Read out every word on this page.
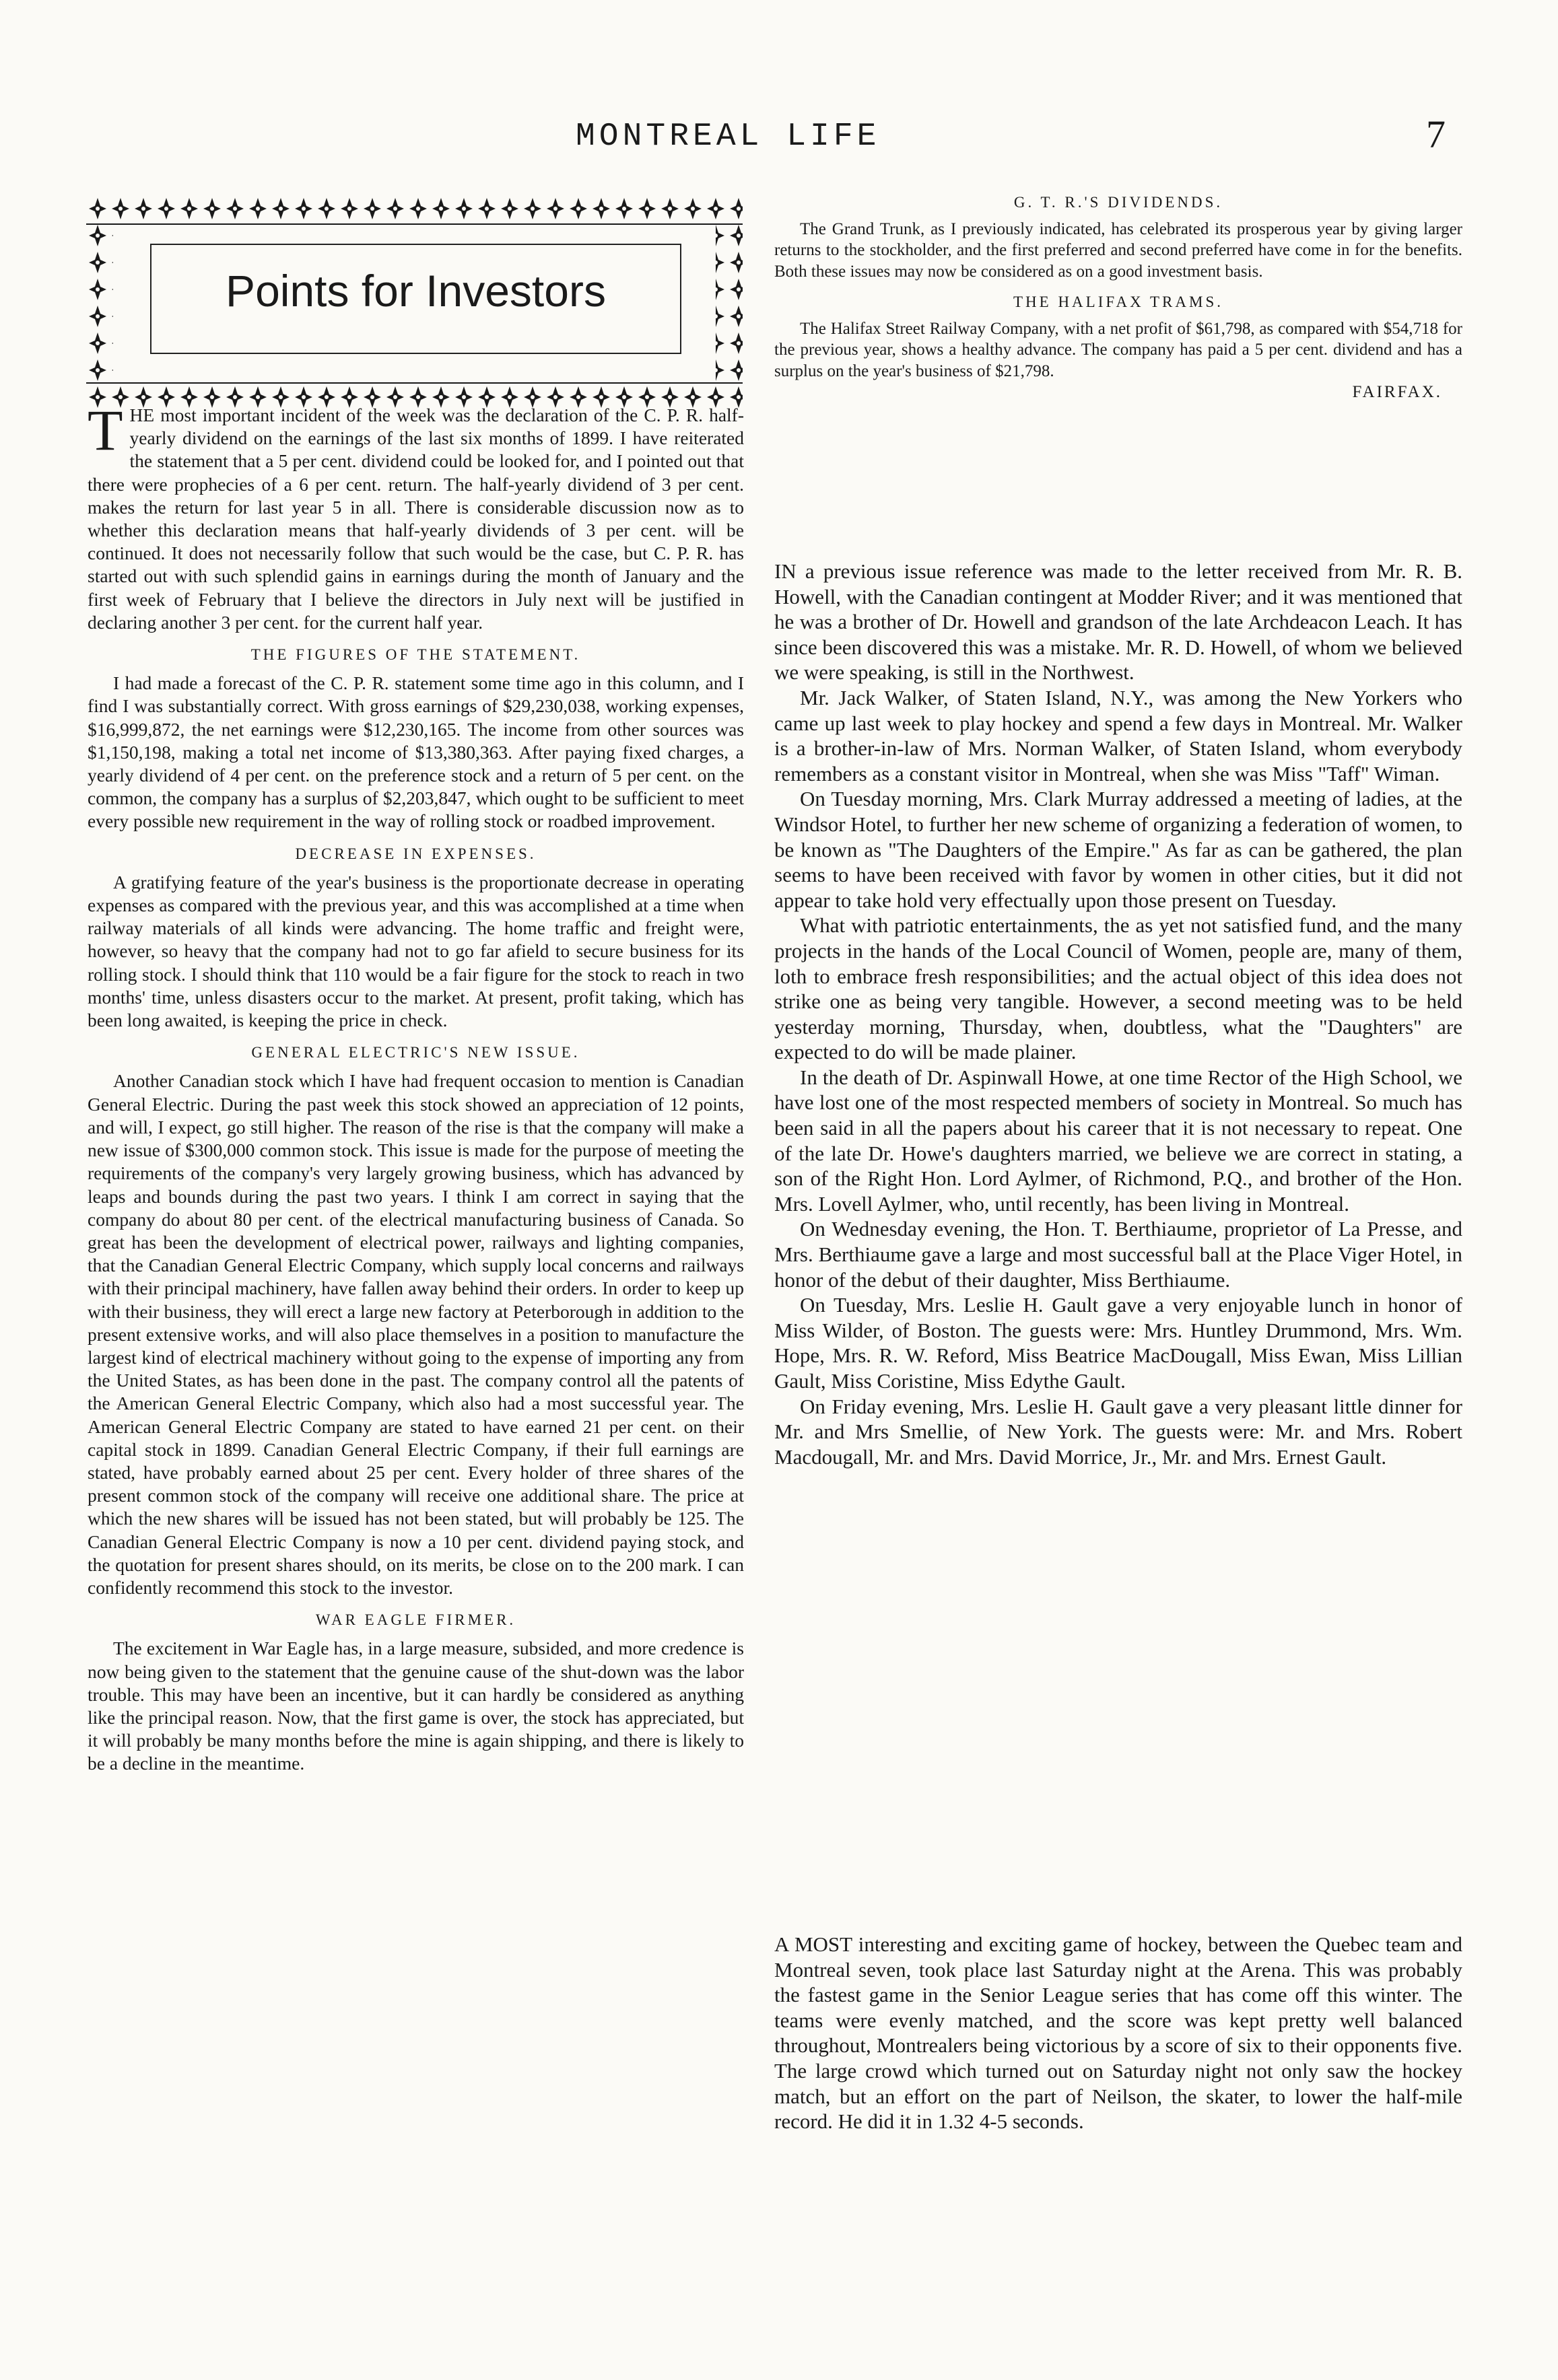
MONTREAL LIFE	7
Points for Investors

THE most important incident of the week was the declaration of the C. P. R. half-yearly dividend on the earnings of the last six months of 1899. I have reiterated the statement that a 5 per cent. dividend could be looked for, and I pointed out that there were prophecies of a 6 per cent. return. The half-yearly dividend of 3 per cent. makes the return for last year 5 in all. There is considerable discussion now as to whether this declaration means that half-yearly dividends of 3 per cent. will be continued. It does not necessarily follow that such would be the case, but C. P. R. has started out with such splendid gains in earnings during the month of January and the first week of February that I believe the directors in July next will be justified in declaring another 3 per cent. for the current half year.

THE FIGURES OF THE STATEMENT.

I had made a forecast of the C. P. R. statement some time ago in this column, and I find I was substantially correct. With gross earnings of $29,230,038, working expenses, $16,999,872, the net earnings were $12,230,165. The income from other sources was $1,150,198, making a total net income of $13,380,363. After paying fixed charges, a yearly dividend of 4 per cent. on the preference stock and a return of 5 per cent. on the common, the company has a surplus of $2,203,847, which ought to be sufficient to meet every possible new requirement in the way of rolling stock or roadbed improvement.

DECREASE IN EXPENSES.

A gratifying feature of the year's business is the proportionate decrease in operating expenses as compared with the previous year, and this was accomplished at a time when railway materials of all kinds were advancing. The home traffic and freight were, however, so heavy that the company had not to go far afield to secure business for its rolling stock. I should think that 110 would be a fair figure for the stock to reach in two months' time, unless disasters occur to the market. At present, profit taking, which has been long awaited, is keeping the price in check.

GENERAL ELECTRIC'S NEW ISSUE.

Another Canadian stock which I have had frequent occasion to mention is Canadian General Electric. During the past week this stock showed an appreciation of 12 points, and will, I expect, go still higher. The reason of the rise is that the company will make a new issue of $300,000 common stock. This issue is made for the purpose of meeting the requirements of the company's very largely growing business, which has advanced by leaps and bounds during the past two years. I think I am correct in saying that the company do about 80 per cent. of the electrical manufacturing business of Canada. So great has been the development of electrical power, railways and lighting companies, that the Canadian General Electric Company, which supply local concerns and railways with their principal machinery, have fallen away behind their orders. In order to keep up with their business, they will erect a large new factory at Peterborough in addition to the present extensive works, and will also place themselves in a position to manufacture the largest kind of electrical machinery without going to the expense of importing any from the United States, as has been done in the past. The company control all the patents of the American General Electric Company, which also had a most successful year. The American General Electric Company are stated to have earned 21 per cent. on their capital stock in 1899. Canadian General Electric Company, if their full earnings are stated, have probably earned about 25 per cent. Every holder of three shares of the present common stock of the company will receive one additional share. The price at which the new shares will be issued has not been stated, but will probably be 125. The Canadian General Electric Company is now a 10 per cent. dividend paying stock, and the quotation for present shares should, on its merits, be close on to the 200 mark. I can confidently recommend this stock to the investor.

WAR EAGLE FIRMER.

The excitement in War Eagle has, in a large measure, subsided, and more credence is now being given to the statement that the genuine cause of the shut-down was the labor trouble. This may have been an incentive, but it can hardly be considered as anything like the principal reason. Now, that the first game is over, the stock has appreciated, but it will probably be many months before the mine is again shipping, and there is likely to be a decline in the meantime.

G. T. R.'S DIVIDENDS.

The Grand Trunk, as I previously indicated, has celebrated its prosperous year by giving larger returns to the stockholder, and the first preferred and second preferred have come in for the benefits. Both these issues may now be considered as on a good investment basis.

THE HALIFAX TRAMS.

The Halifax Street Railway Company, with a net profit of $61,798, as compared with $54,718 for the previous year, shows a healthy advance. The company has paid a 5 per cent. dividend and has a surplus on the year's business of $21,798.

FAIRFAX.

IN a previous issue reference was made to the letter received from Mr. R. B. Howell, with the Canadian contingent at Modder River; and it was mentioned that he was a brother of Dr. Howell and grandson of the late Archdeacon Leach. It has since been discovered this was a mistake. Mr. R. D. Howell, of whom we believed we were speaking, is still in the Northwest.

Mr. Jack Walker, of Staten Island, N.Y., was among the New Yorkers who came up last week to play hockey and spend a few days in Montreal. Mr. Walker is a brother-in-law of Mrs. Norman Walker, of Staten Island, whom everybody remembers as a constant visitor in Montreal, when she was Miss "Taff" Wiman.

On Tuesday morning, Mrs. Clark Murray addressed a meeting of ladies, at the Windsor Hotel, to further her new scheme of organizing a federation of women, to be known as "The Daughters of the Empire." As far as can be gathered, the plan seems to have been received with favor by women in other cities, but it did not appear to take hold very effectually upon those present on Tuesday.

What with patriotic entertainments, the as yet not satisfied fund, and the many projects in the hands of the Local Council of Women, people are, many of them, loth to embrace fresh responsibilities; and the actual object of this idea does not strike one as being very tangible. However, a second meeting was to be held yesterday morning, Thursday, when, doubtless, what the "Daughters" are expected to do will be made plainer.

In the death of Dr. Aspinwall Howe, at one time Rector of the High School, we have lost one of the most respected members of society in Montreal. So much has been said in all the papers about his career that it is not necessary to repeat. One of the late Dr. Howe's daughters married, we believe we are correct in stating, a son of the Right Hon. Lord Aylmer, of Richmond, P.Q., and brother of the Hon. Mrs. Lovell Aylmer, who, until recently, has been living in Montreal.

On Wednesday evening, the Hon. T. Berthiaume, proprietor of La Presse, and Mrs. Berthiaume gave a large and most successful ball at the Place Viger Hotel, in honor of the debut of their daughter, Miss Berthiaume.

On Tuesday, Mrs. Leslie H. Gault gave a very enjoyable lunch in honor of Miss Wilder, of Boston. The guests were: Mrs. Huntley Drummond, Mrs. Wm. Hope, Mrs. R. W. Reford, Miss Beatrice MacDougall, Miss Ewan, Miss Lillian Gault, Miss Coristine, Miss Edythe Gault.

On Friday evening, Mrs. Leslie H. Gault gave a very pleasant little dinner for Mr. and Mrs Smellie, of New York. The guests were: Mr. and Mrs. Robert Macdougall, Mr. and Mrs. David Morrice, Jr., Mr. and Mrs. Ernest Gault.

A MOST interesting and exciting game of hockey, between the Quebec team and Montreal seven, took place last Saturday night at the Arena. This was probably the fastest game in the Senior League series that has come off this winter. The teams were evenly matched, and the score was kept pretty well balanced throughout, Montrealers being victorious by a score of six to their opponents five. The large crowd which turned out on Saturday night not only saw the hockey match, but an effort on the part of Neilson, the skater, to lower the half-mile record. He did it in 1.32 4-5 seconds.
